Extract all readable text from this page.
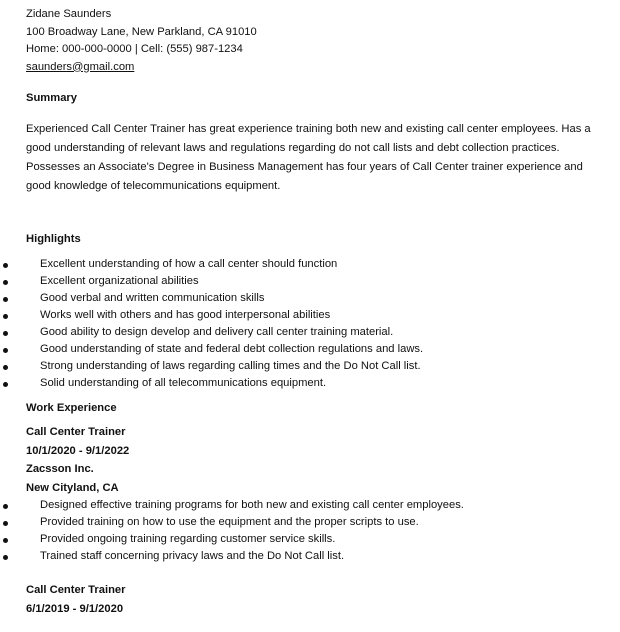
Zidane Saunders

100 Broadway Lane, New Parkland, CA 91010

Home: 000-000-0000 | Cell: (555) 987-1234

saunders@gmail.com

Summary

Experienced Call Center Trainer has great experience training both new and existing call center employees. Has a good understanding of relevant laws and regulations regarding do not call lists and debt collection practices. Possesses an Associate's Degree in Business Management has four years of Call Center trainer experience and good knowledge of telecommunications equipment.

Highlights

Excellent understanding of how a call center should function
Excellent organizational abilities
Good verbal and written communication skills
Works well with others and has good interpersonal abilities
Good ability to design develop and delivery call center training material.
Good understanding of state and federal debt collection regulations and laws.
Strong understanding of laws regarding calling times and the Do Not Call list.
Solid understanding of all telecommunications equipment.

Work Experience

Call Center Trainer

10/1/2020 - 9/1/2022

Zacsson Inc.

New Cityland, CA

Designed effective training programs for both new and existing call center employees.
Provided training on how to use the equipment and the proper scripts to use.
Provided ongoing training regarding customer service skills.
Trained staff concerning privacy laws and the Do Not Call list.

Call Center Trainer

6/1/2019 - 9/1/2020
